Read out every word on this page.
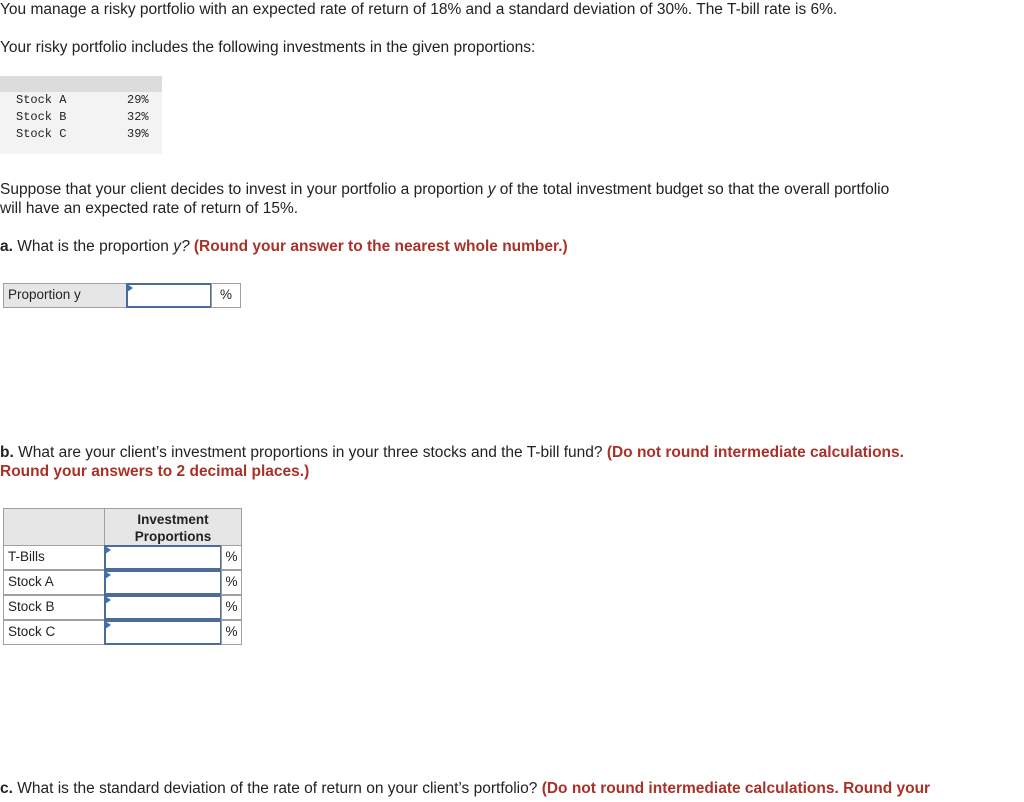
You manage a risky portfolio with an expected rate of return of 18% and a standard deviation of 30%. The T-bill rate is 6%.
Your risky portfolio includes the following investments in the given proportions:
Stock A	29%
Stock B	32%
Stock C	39%
Suppose that your client decides to invest in your portfolio a proportion y of the total investment budget so that the overall portfolio
will have an expected rate of return of 15%.
a. What is the proportion y? (Round your answer to the nearest whole number.)
Proportion y	%
b. What are your client’s investment proportions in your three stocks and the T-bill fund? (Do not round intermediate calculations.
Round your answers to 2 decimal places.)
Investment Proportions
T-Bills	%
Stock A	%
Stock B	%
Stock C	%
c. What is the standard deviation of the rate of return on your client’s portfolio? (Do not round intermediate calculations. Round your
